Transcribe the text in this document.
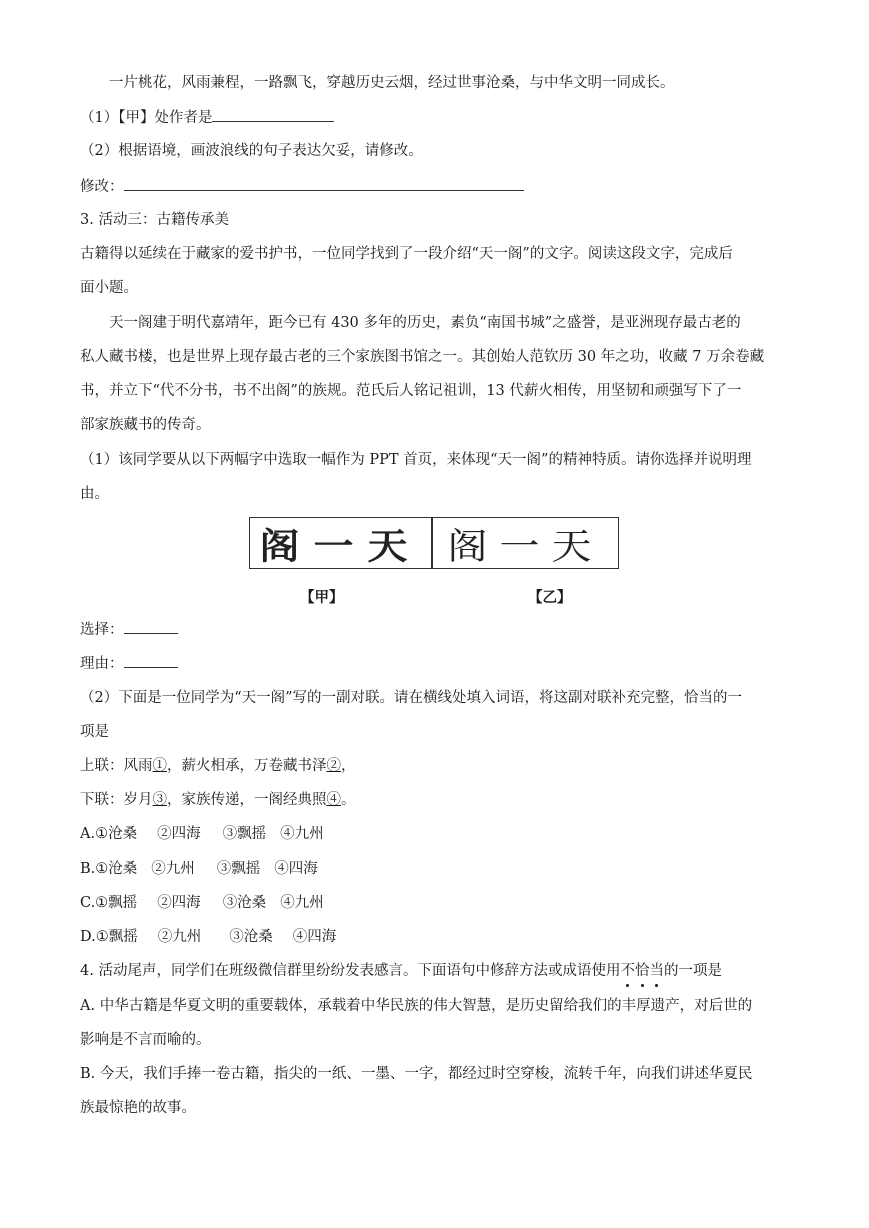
一片桃花，风雨兼程，一路飘飞，穿越历史云烟，经过世事沧桑，与中华文明一同成长。
（1）【甲】处作者是
（2）根据语境，画波浪线的句子表达欠妥，请修改。
修改：
3. 活动三：古籍传承美
古籍得以延续在于藏家的爱书护书，一位同学找到了一段介绍“天一阁”的文字。阅读这段文字，完成后
面小题。
天一阁建于明代嘉靖年，距今已有 430 多年的历史，素负“南国书城”之盛誉，是亚洲现存最古老的
私人藏书楼，也是世界上现存最古老的三个家族图书馆之一。其创始人范钦历 30 年之功，收藏 7 万余卷藏
书，并立下“代不分书，书不出阁”的族规。范氏后人铭记祖训，13 代薪火相传，用坚韧和顽强写下了一
部家族藏书的传奇。
（1）该同学要从以下两幅字中选取一幅作为 PPT 首页，来体现“天一阁”的精神特质。请你选择并说明理
由。
阁一天 阁一天
【甲】	【乙】
选择：
理由：
（2）下面是一位同学为“天一阁”写的一副对联。请在横线处填入词语，将这副对联补充完整，恰当的一
项是
上联：风雨①，薪火相承，万卷藏书泽②，
下联：岁月③，家族传递，一阁经典照④。
A.①沧桑 ②四海 ③飘摇 ④九州
B.①沧桑 ②九州 ③飘摇 ④四海
C.①飘摇 ②四海 ③沧桑 ④九州
D.①飘摇 ②九州 ③沧桑 ④四海
4. 活动尾声，同学们在班级微信群里纷纷发表感言。下面语句中修辞方法或成语使用不恰当的一项是
A. 中华古籍是华夏文明的重要载体，承载着中华民族的伟大智慧，是历史留给我们的丰厚遗产，对后世的
影响是不言而喻的。
B. 今天，我们手捧一卷古籍，指尖的一纸、一墨、一字，都经过时空穿梭，流转千年，向我们讲述华夏民
族最惊艳的故事。
